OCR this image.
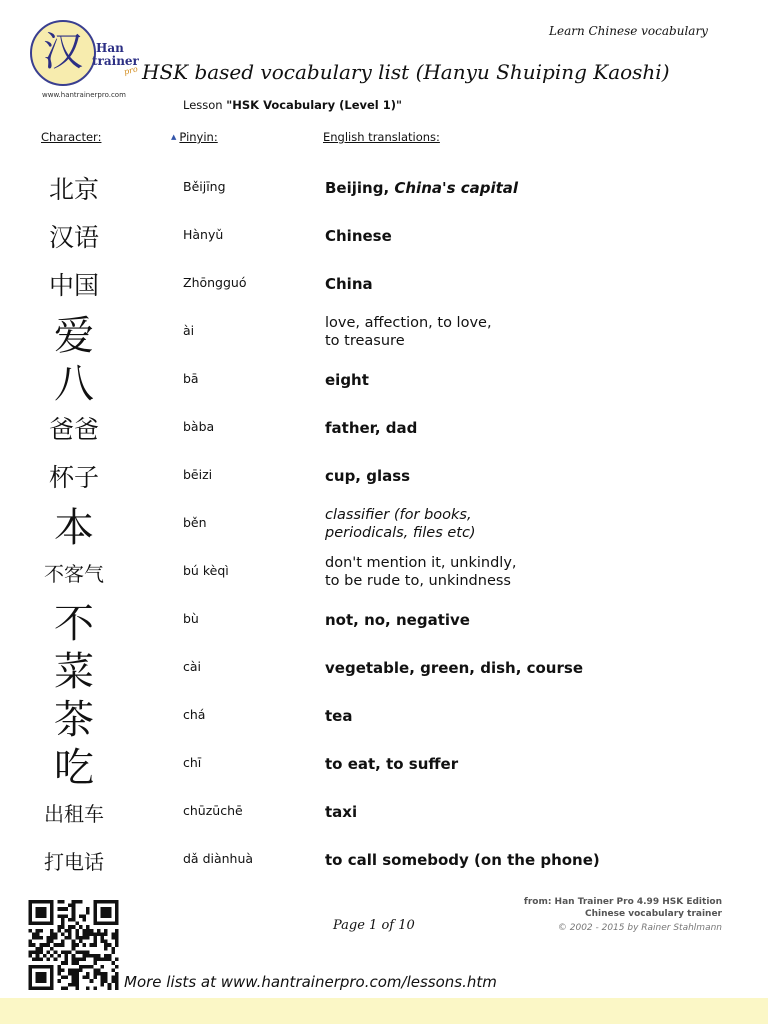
汉 Han
trainer
pro
www.hantrainerpro.com
Learn Chinese vocabulary
HSK based vocabulary list (Hanyu Shuiping Kaoshi)
Lesson "HSK Vocabulary (Level 1)"
Character:	▲ Pinyin:	English translations:
北京	Běijīng	Beijing, China's capital
汉语	Hànyǔ	Chinese
中国	Zhōngguó	China
爱	ài	love, affection, to love,
to treasure
八	bā	eight
爸爸	bàba	father, dad
杯子	bēizi	cup, glass
本	běn	classifier (for books,
periodicals, files etc)
不客气	bú kèqì	don't mention it, unkindly,
to be rude to, unkindness
不	bù	not, no, negative
菜	cài	vegetable, green, dish, course
茶	chá	tea
吃	chī	to eat, to suffer
出租车	chūzūchē	taxi
打电话	dǎ diànhuà	to call somebody (on the phone)
Page 1 of 10
from: Han Trainer Pro 4.99 HSK Edition
Chinese vocabulary trainer
© 2002 - 2015 by Rainer Stahlmann
More lists at www.hantrainerpro.com/lessons.htm
